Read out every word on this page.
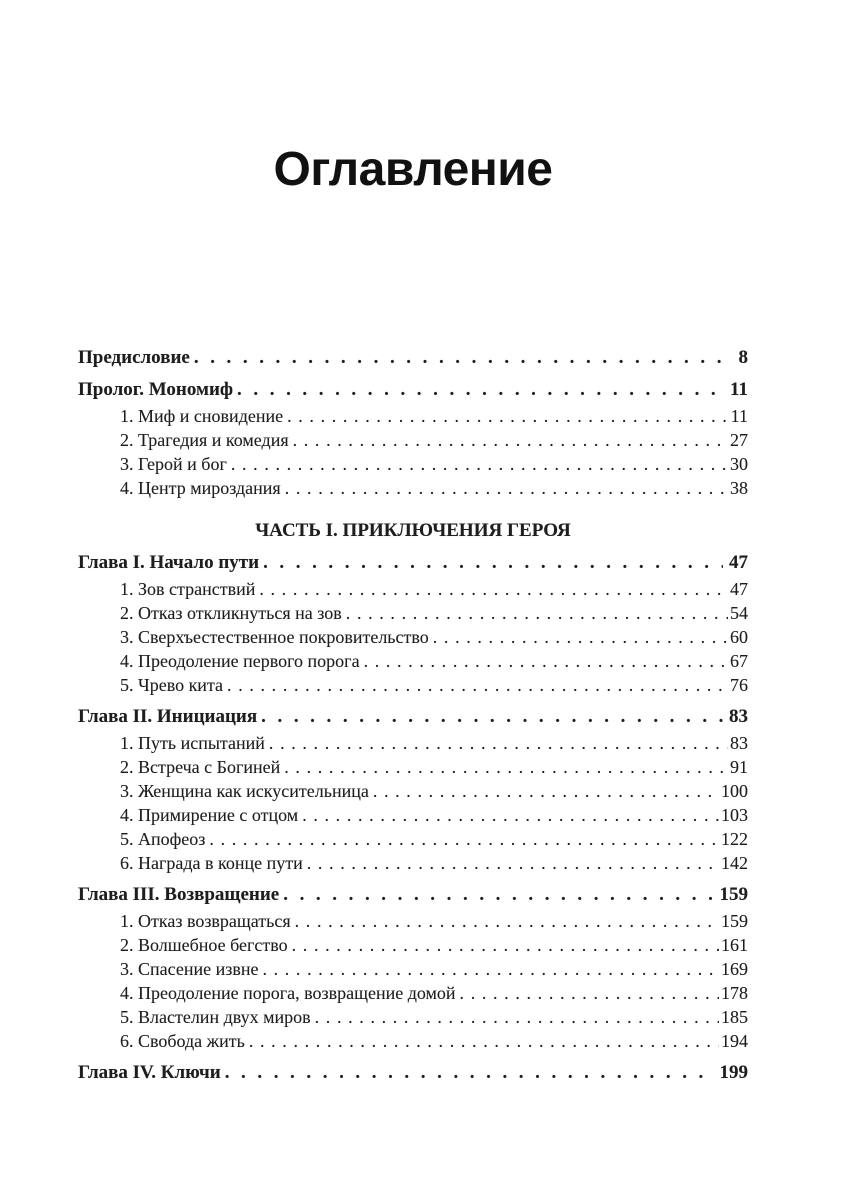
Оглавление
Предисловие . . .	8
Пролог. Мономиф . . .	11
1. Миф и сновидение . . .	11
2. Трагедия и комедия . . .	27
3. Герой и бог . . .	30
4. Центр мироздания . . .	38
ЧАСТЬ I. ПРИКЛЮЧЕНИЯ ГЕРОЯ
Глава I. Начало пути . . .	47
1. Зов странствий . . .	47
2. Отказ откликнуться на зов . . .	54
3. Сверхъестественное покровительство . . .	60
4. Преодоление первого порога . . .	67
5. Чрево кита . . .	76
Глава II. Инициация . . .	83
1. Путь испытаний . . .	83
2. Встреча с Богиней . . .	91
3. Женщина как искусительница . . .	100
4. Примирение с отцом . . .	103
5. Апофеоз . . .	122
6. Награда в конце пути . . .	142
Глава III. Возвращение . . .	159
1. Отказ возвращаться . . .	159
2. Волшебное бегство . . .	161
3. Спасение извне . . .	169
4. Преодоление порога, возвращение домой . . .	178
5. Властелин двух миров . . .	185
6. Свобода жить . . .	194
Глава IV. Ключи . . .	199
